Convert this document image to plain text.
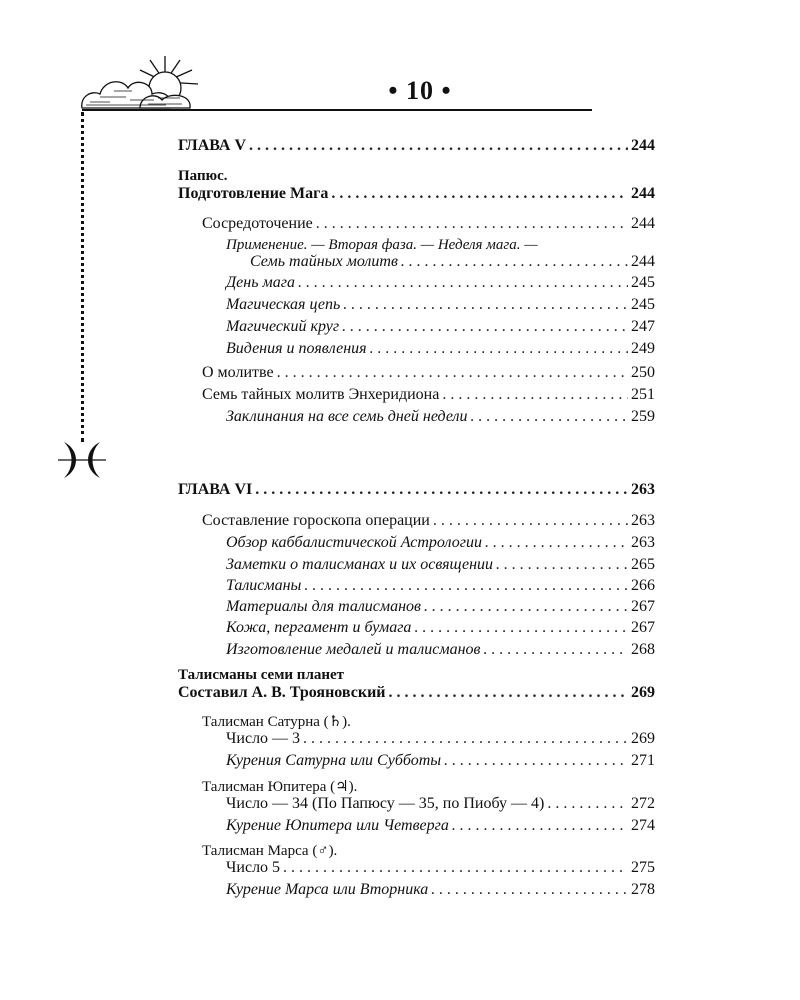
• 10 •
ГЛАВА V . . .	244
Папюс.
Подготовление Мага . . .	244
Сосредоточение . . .	244
Применение. — Вторая фаза. — Неделя мага. —
Семь тайных молитв . . .	244
День мага . . .	245
Магическая цепь . . .	245
Магический круг . . .	247
Видения и появления . . .	249
О молитве . . .	250
Семь тайных молитв Энхеридиона . . .	251
Заклинания на все семь дней недели . . .	259
ГЛАВА VI . . .	263
Составление гороскопа операции . . .	263
Обзор каббалистической Астрологии . . .	263
Заметки о талисманах и их освящении . . .	265
Талисманы . . .	266
Материалы для талисманов . . .	267
Кожа, пергамент и бумага . . .	267
Изготовление медалей и талисманов . . .	268
Талисманы семи планет
Составил А. В. Трояновский . . .	269
Талисман Сатурна (♄).
Число — 3 . . .	269
Курения Сатурна или Субботы . . .	271
Талисман Юпитера (♃).
Число — 34 (По Папюсу — 35, по Пиобу — 4) . . .	272
Курение Юпитера или Четверга . . .	274
Талисман Марса (♂).
Число 5 . . .	275
Курение Марса или Вторника . . .	278
